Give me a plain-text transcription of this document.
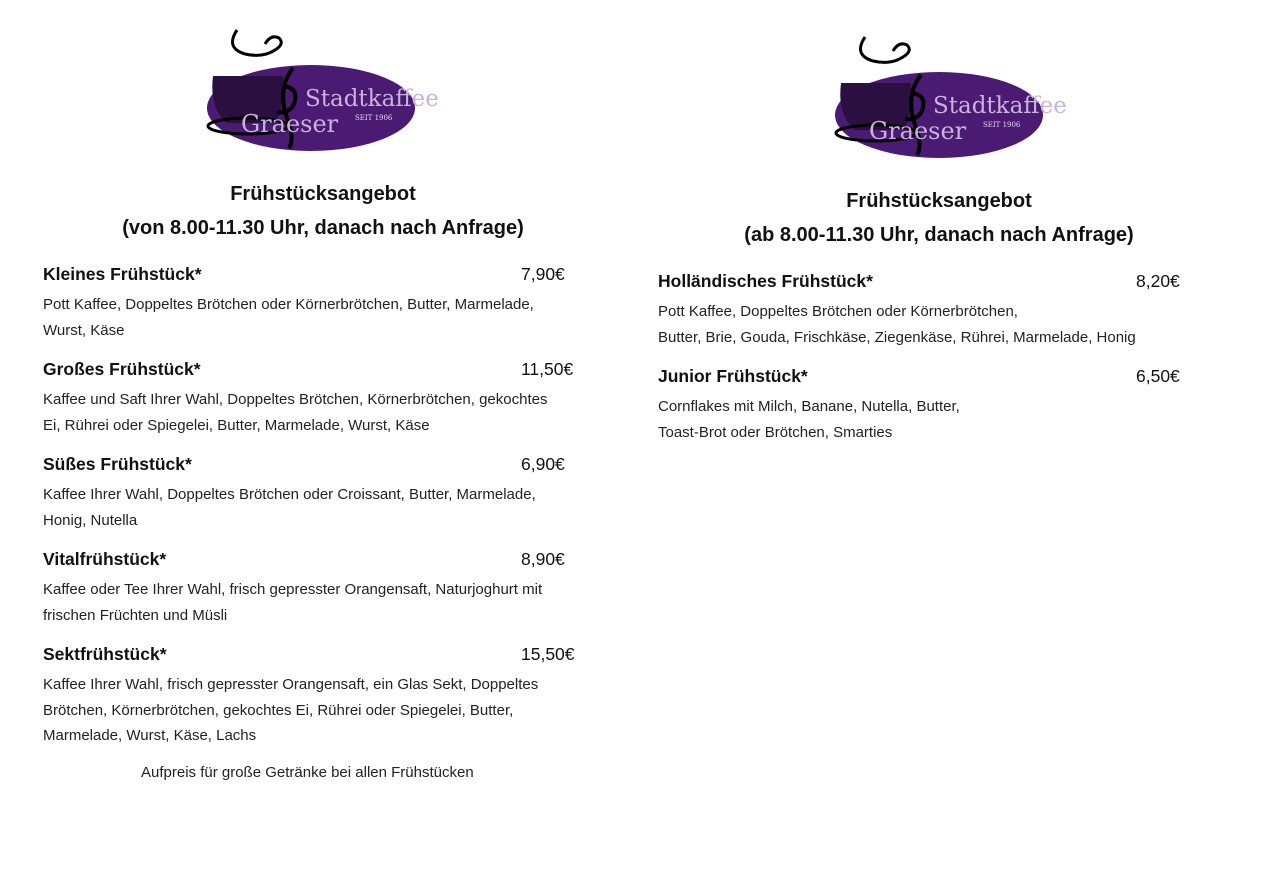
Stadtkaffee
Graeser SEIT 1906	Stadtkaffee
Graeser SEIT 1906
Frühstücksangebot
(von 8.00-11.30 Uhr, danach nach Anfrage)
Kleines Frühstück*	7,90€
Pott Kaffee, Doppeltes Brötchen oder Körnerbrötchen, Butter, Marmelade,
Wurst, Käse
Großes Frühstück*	11,50€
Kaffee und Saft Ihrer Wahl, Doppeltes Brötchen, Körnerbrötchen, gekochtes
Ei, Rührei oder Spiegelei, Butter, Marmelade, Wurst, Käse
Süßes Frühstück*	6,90€
Kaffee Ihrer Wahl, Doppeltes Brötchen oder Croissant, Butter, Marmelade,
Honig, Nutella
Vitalfrühstück*	8,90€
Kaffee oder Tee Ihrer Wahl, frisch gepresster Orangensaft, Naturjoghurt mit
frischen Früchten und Müsli
Sektfrühstück*	15,50€
Kaffee Ihrer Wahl, frisch gepresster Orangensaft, ein Glas Sekt, Doppeltes
Brötchen, Körnerbrötchen, gekochtes Ei, Rührei oder Spiegelei, Butter,
Marmelade, Wurst, Käse, Lachs
Aufpreis für große Getränke bei allen Frühstücken
Frühstücksangebot
(ab 8.00-11.30 Uhr, danach nach Anfrage)
Holländisches Frühstück*	8,20€
Pott Kaffee, Doppeltes Brötchen oder Körnerbrötchen,
Butter, Brie, Gouda, Frischkäse, Ziegenkäse, Rührei, Marmelade, Honig
Junior Frühstück*	6,50€
Cornflakes mit Milch, Banane, Nutella, Butter,
Toast-Brot oder Brötchen, Smarties
